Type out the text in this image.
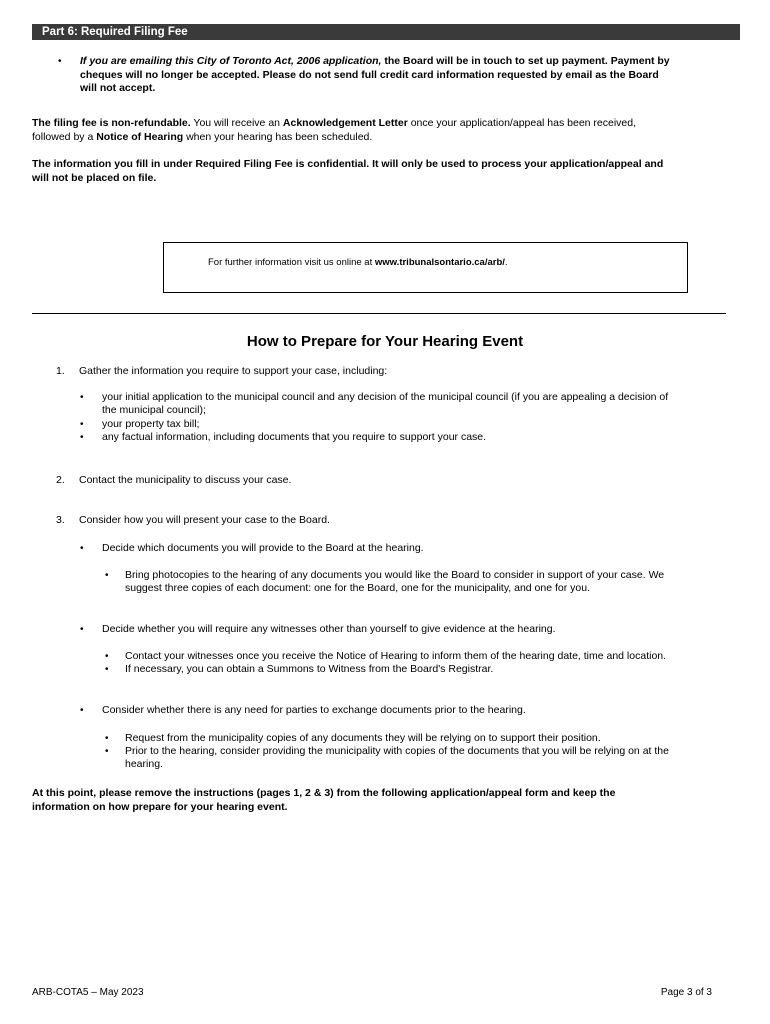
Part 6: Required Filing Fee
• If you are emailing this City of Toronto Act, 2006 application, the Board will be in touch to set up payment. Payment by
cheques will no longer be accepted. Please do not send full credit card information requested by email as the Board
will not accept.
The filing fee is non-refundable. You will receive an Acknowledgement Letter once your application/appeal has been received,
followed by a Notice of Hearing when your hearing has been scheduled.
The information you fill in under Required Filing Fee is confidential. It will only be used to process your application/appeal and
will not be placed on file.
For further information visit us online at www.tribunalsontario.ca/arb/.
How to Prepare for Your Hearing Event
1. Gather the information you require to support your case, including:
• your initial application to the municipal council and any decision of the municipal council (if you are appealing a decision of
the municipal council);
• your property tax bill;
• any factual information, including documents that you require to support your case.
2. Contact the municipality to discuss your case.
3. Consider how you will present your case to the Board.
• Decide which documents you will provide to the Board at the hearing.
• Bring photocopies to the hearing of any documents you would like the Board to consider in support of your case. We
suggest three copies of each document: one for the Board, one for the municipality, and one for you.
• Decide whether you will require any witnesses other than yourself to give evidence at the hearing.
• Contact your witnesses once you receive the Notice of Hearing to inform them of the hearing date, time and location.
• If necessary, you can obtain a Summons to Witness from the Board's Registrar.
• Consider whether there is any need for parties to exchange documents prior to the hearing.
• Request from the municipality copies of any documents they will be relying on to support their position.
• Prior to the hearing, consider providing the municipality with copies of the documents that you will be relying on at the
hearing.
At this point, please remove the instructions (pages 1, 2 & 3) from the following application/appeal form and keep the
information on how prepare for your hearing event.
ARB-COTA5 – May 2023	Page 3 of 3
